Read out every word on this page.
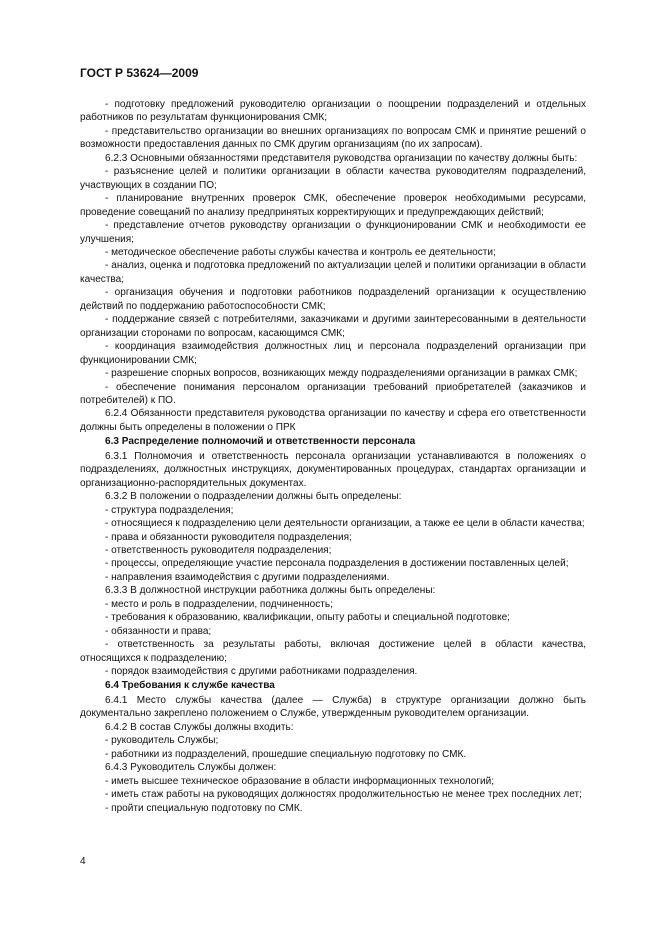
ГОСТ Р 53624—2009

- подготовку предложений руководителю организации о поощрении подразделений и отдельных работников по результатам функционирования СМК;

- представительство организации во внешних организациях по вопросам СМК и принятие решений о возможности предоставления данных по СМК другим организациям (по их запросам).

6.2.3 Основными обязанностями представителя руководства организации по качеству должны быть:

- разъяснение целей и политики организации в области качества руководителям подразделений, участвующих в создании ПО;

- планирование внутренних проверок СМК, обеспечение проверок необходимыми ресурсами, проведение совещаний по анализу предпринятых корректирующих и предупреждающих действий;

- представление отчетов руководству организации о функционировании СМК и необходимости ее улучшения;

- методическое обеспечение работы службы качества и контроль ее деятельности;

- анализ, оценка и подготовка предложений по актуализации целей и политики организации в области качества;

- организация обучения и подготовки работников подразделений организации к осуществлению действий по поддержанию работоспособности СМК;

- поддержание связей с потребителями, заказчиками и другими заинтересованными в деятельности организации сторонами по вопросам, касающимся СМК;

- координация взаимодействия должностных лиц и персонала подразделений организации при функционировании СМК;

- разрешение спорных вопросов, возникающих между подразделениями организации в рамках СМК;

- обеспечение понимания персоналом организации требований приобретателей (заказчиков и потребителей) к ПО.

6.2.4 Обязанности представителя руководства организации по качеству и сфера его ответственности должны быть определены в положении о ПРК

6.3 Распределение полномочий и ответственности персонала

6.3.1 Полномочия и ответственность персонала организации устанавливаются в положениях о подразделениях, должностных инструкциях, документированных процедурах, стандартах организации и организационно-распорядительных документах.

6.3.2 В положении о подразделении должны быть определены:

- структура подразделения;

- относящиеся к подразделению цели деятельности организации, а также ее цели в области качества;

- права и обязанности руководителя подразделения;

- ответственность руководителя подразделения;

- процессы, определяющие участие персонала подразделения в достижении поставленных целей;

- направления взаимодействия с другими подразделениями.

6.3.3 В должностной инструкции работника должны быть определены:

- место и роль в подразделении, подчиненность;

- требования к образованию, квалификации, опыту работы и специальной подготовке;

- обязанности и права;

- ответственность за результаты работы, включая достижение целей в области качества, относящихся к подразделению;

- порядок взаимодействия с другими работниками подразделения.

6.4 Требования к службе качества

6.4.1 Место службы качества (далее — Служба) в структуре организации должно быть документально закреплено положением о Службе, утвержденным руководителем организации.

6.4.2 В состав Службы должны входить:

- руководитель Службы;

- работники из подразделений, прошедшие специальную подготовку по СМК.

6.4.3 Руководитель Службы должен:

- иметь высшее техническое образование в области информационных технологий;

- иметь стаж работы на руководящих должностях продолжительностью не менее трех последних лет;

- пройти специальную подготовку по СМК.

4
